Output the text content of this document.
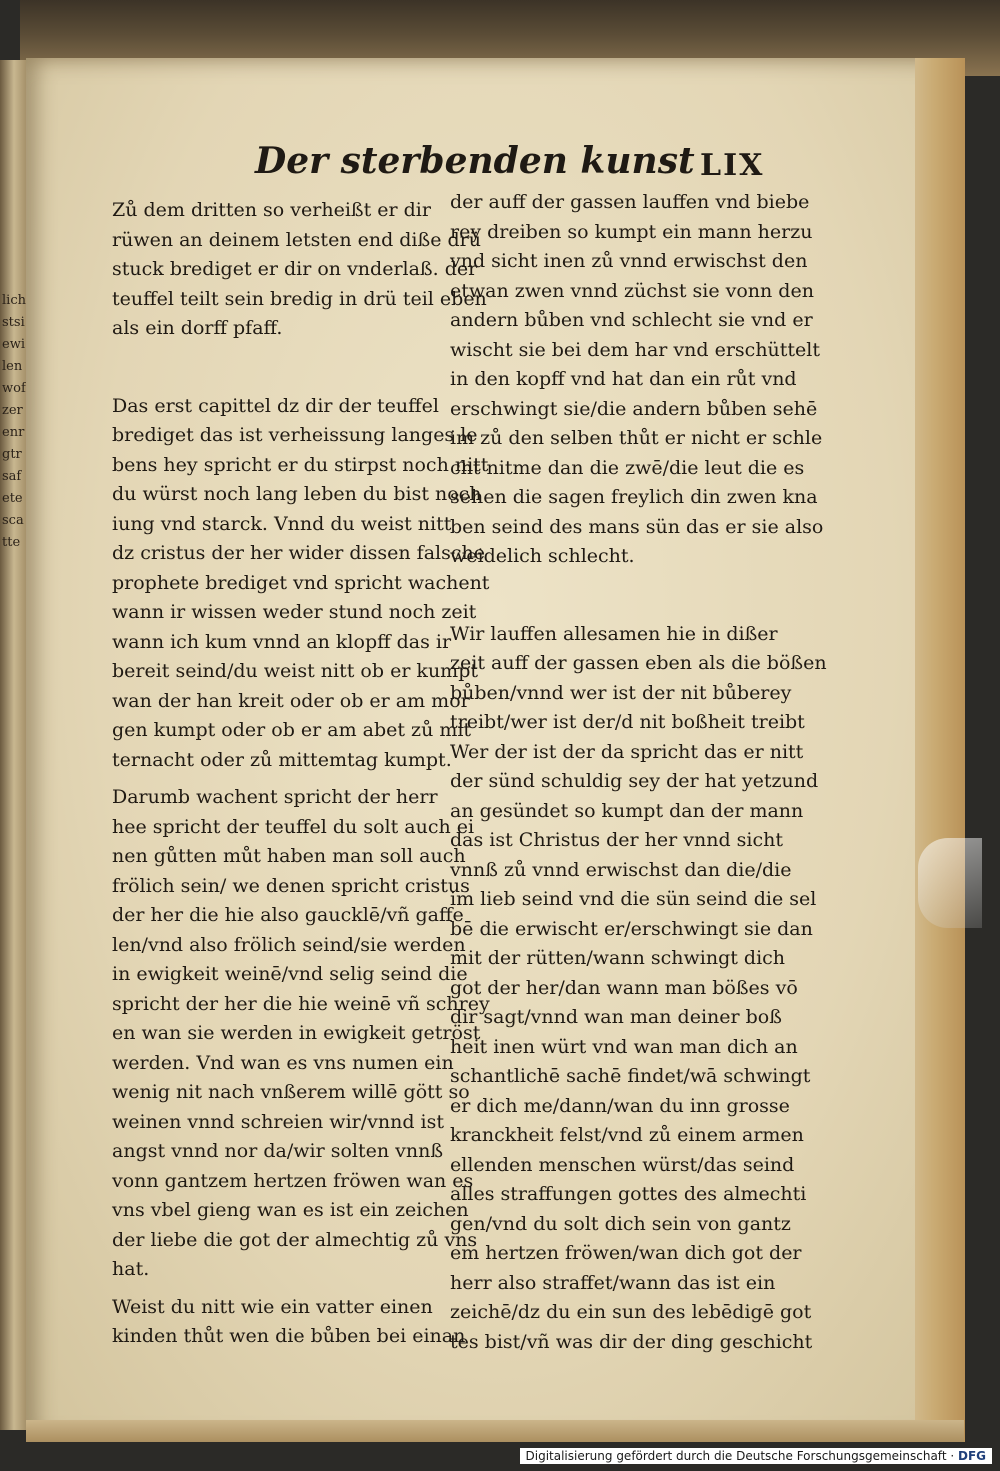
lichstsiewilenwofzerenrgtrsafetescatte
Der sterbenden kunst LIX
Zů dem dritten so verheißt er dir
rüwen an deinem letsten end diße drü
stuck brediget er dir on vnderlaß. der
teuffel teilt sein bredig in drü teil eben
als ein dorff pfaff.
Das erst capittel dz dir der teuffel
brediget das ist verheissung langes le
bens hey spricht er du stirpst noch nitt
du würst noch lang leben du bist noch
iung vnd starck. Vnnd du weist nitt
dz cristus der her wider dissen falsche
prophete brediget vnd spricht wachent
wann ir wissen weder stund noch zeit
wann ich kum vnnd an klopff das ir
bereit seind/du weist nitt ob er kumpt
wan der han kreit oder ob er am mor
gen kumpt oder ob er am abet zů mit
ternacht oder zů mittemtag kumpt.
Darumb wachent spricht der herr
hee spricht der teuffel du solt auch ei
nen gůtten můt haben man soll auch
frölich sein/ we denen spricht cristus
der her die hie also gaucklē/vñ gaffe
len/vnd also frölich seind/sie werden
in ewigkeit weinē/vnd selig seind die
spricht der her die hie weinē vñ schrey
en wan sie werden in ewigkeit getröst
werden. Vnd wan es vns numen ein
wenig nit nach vnßerem willē gött so
weinen vnnd schreien wir/vnnd ist
angst vnnd nor da/wir solten vnnß
vonn gantzem hertzen fröwen wan es
vns vbel gieng wan es ist ein zeichen
der liebe die got der almechtig zů vns
hat.
Weist du nitt wie ein vatter einen
kinden thůt wen die bůben bei einan
der auff der gassen lauffen vnd biebe
rey dreiben so kumpt ein mann herzu
vnd sicht inen zů vnnd erwischst den
etwan zwen vnnd züchst sie vonn den
andern bůben vnd schlecht sie vnd er
wischt sie bei dem har vnd erschüttelt
in den kopff vnd hat dan ein růt vnd
erschwingt sie/die andern bůben sehē
im zů den selben thůt er nicht er schle
cht nitme dan die zwē/die leut die es
sehen die sagen freylich din zwen kna
ben seind des mans sün das er sie also
weidelich schlecht.
Wir lauffen allesamen hie in dißer
zeit auff der gassen eben als die bößen
bůben/vnnd wer ist der nit bůberey
treibt/wer ist der/d nit boßheit treibt
Wer der ist der da spricht das er nitt
der sünd schuldig sey der hat yetzund
an gesündet so kumpt dan der mann
das ist Christus der her vnnd sicht
vnnß zů vnnd erwischst dan die/die
im lieb seind vnd die sün seind die sel
bē die erwischt er/erschwingt sie dan
mit der rütten/wann schwingt dich
got der her/dan wann man bößes vō
dir sagt/vnnd wan man deiner boß
heit inen würt vnd wan man dich an
schantlichē sachē findet/wā schwingt
er dich me/dann/wan du inn grosse
kranckheit felst/vnd zů einem armen
ellenden menschen würst/das seind
alles straffungen gottes des almechti
gen/vnd du solt dich sein von gantz
em hertzen fröwen/wan dich got der
herr also straffet/wann das ist ein
zeichē/dz du ein sun des lebēdigē got
tes bist/vñ was dir der ding geschicht
Digitalisierung gefördert durch die Deutsche Forschungsgemeinschaft · DFG
